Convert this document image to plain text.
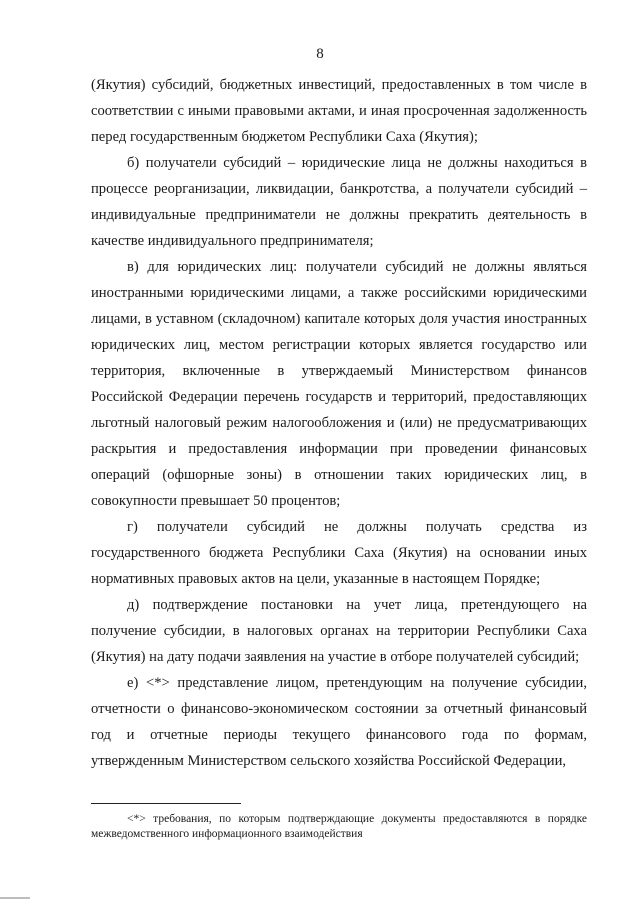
8

(Якутия) субсидий, бюджетных инвестиций, предоставленных в том числе в соответствии с иными правовыми актами, и иная просроченная задолженность перед государственным бюджетом Республики Саха (Якутия);

б) получатели субсидий – юридические лица не должны находиться в процессе реорганизации, ликвидации, банкротства, а получатели субсидий – индивидуальные предприниматели не должны прекратить деятельность в качестве индивидуального предпринимателя;

в) для юридических лиц: получатели субсидий не должны являться иностранными юридическими лицами, а также российскими юридическими лицами, в уставном (складочном) капитале которых доля участия иностранных юридических лиц, местом регистрации которых является государство или территория, включенные в утверждаемый Министерством финансов Российской Федерации перечень государств и территорий, предоставляющих льготный налоговый режим налогообложения и (или) не предусматривающих раскрытия и предоставления информации при проведении финансовых операций (офшорные зоны) в отношении таких юридических лиц, в совокупности превышает 50 процентов;

г) получатели субсидий не должны получать средства из государственного бюджета Республики Саха (Якутия) на основании иных нормативных правовых актов на цели, указанные в настоящем Порядке;

д) подтверждение постановки на учет лица, претендующего на получение субсидии, в налоговых органах на территории Республики Саха (Якутия) на дату подачи заявления на участие в отборе получателей субсидий;

е) <*> представление лицом, претендующим на получение субсидии, отчетности о финансово-экономическом состоянии за отчетный финансовый год и отчетные периоды текущего финансового года по формам, утвержденным Министерством сельского хозяйства Российской Федерации,

<*> требования, по которым подтверждающие документы предоставляются в порядке межведомственного информационного взаимодействия
